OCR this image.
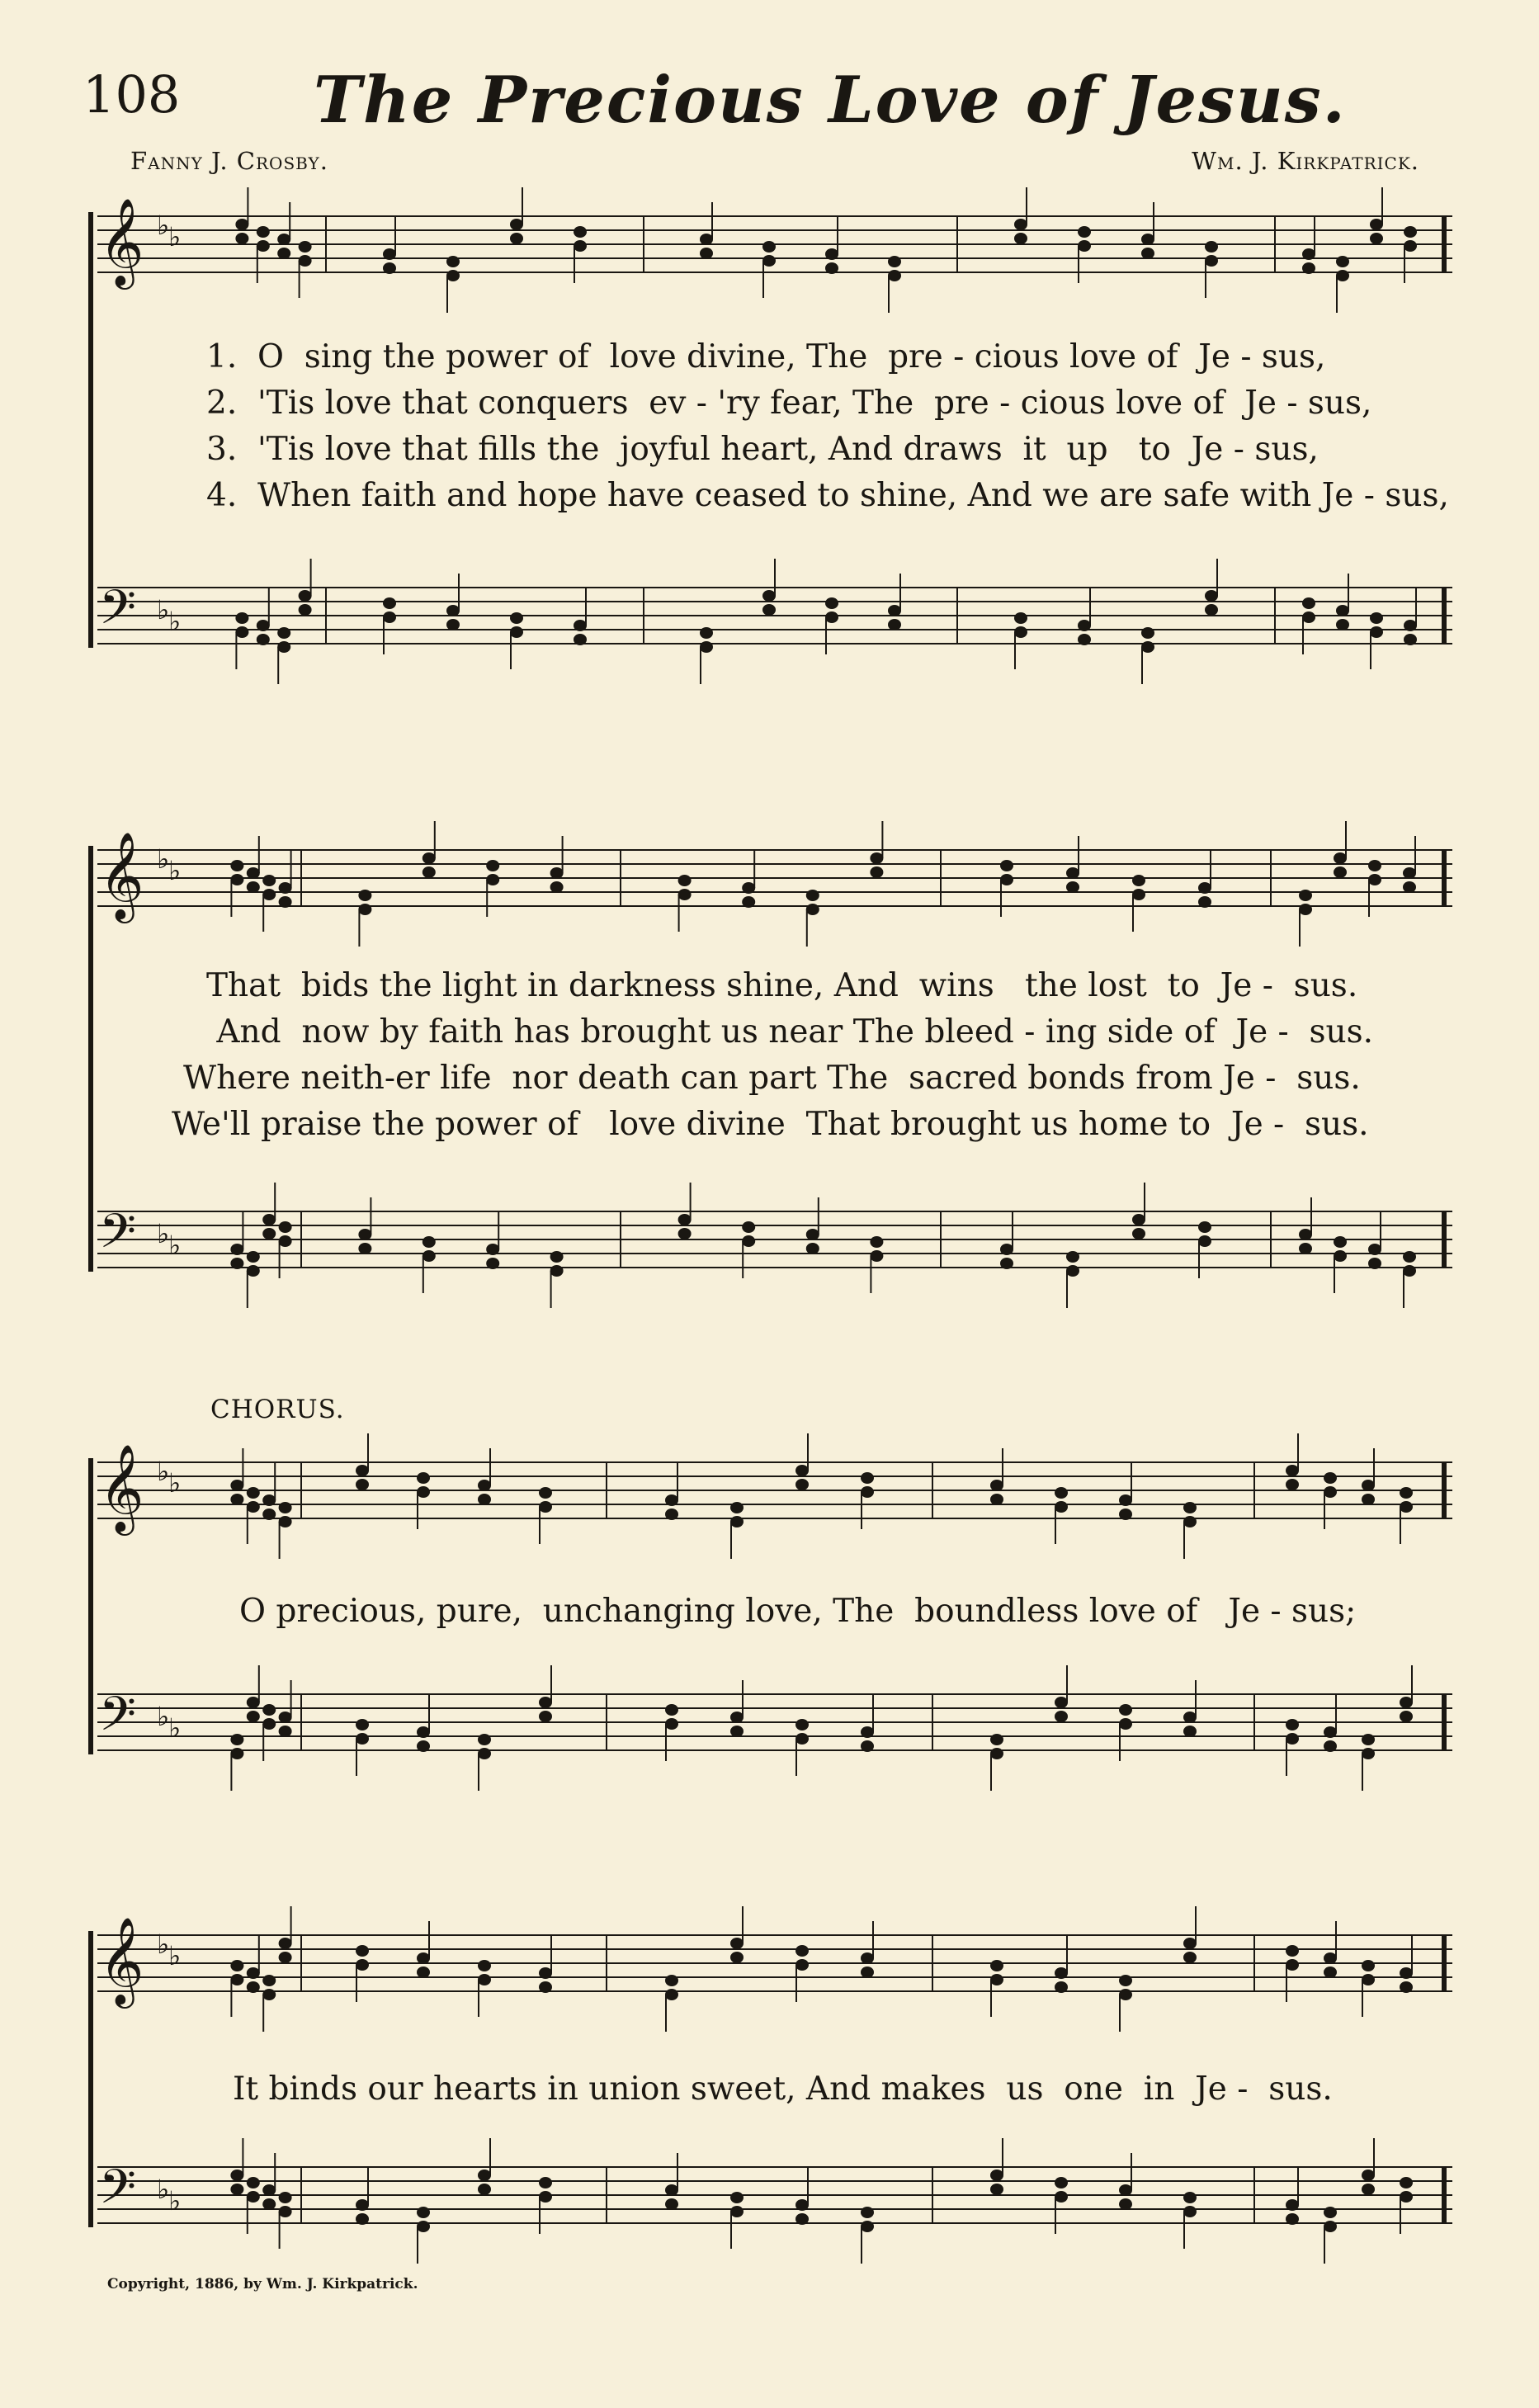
108 The Precious Love of Jesus.
Fanny J. Crosby.	Wm. J. Kirkpatrick.
𝄞
𝄢
♭
♭
♭
♭
𝄞
𝄢
♭
♭
♭
♭
𝄞
𝄢
♭
♭
♭
♭
𝄞
𝄢
♭
♭
♭
♭
1.  O  sing the power of  love divine, The  pre - cious love of  Je - sus,
2.  'Tis love that conquers  ev - 'ry fear, The  pre - cious love of  Je - sus,
3.  'Tis love that fills the  joyful heart, And draws  it  up   to  Je - sus,
4.  When faith and hope have ceased to shine, And we are safe with Je - sus,
That  bids the light in darkness shine, And  wins   the lost  to  Je -  sus.
And  now by faith has brought us near The bleed - ing side of  Je -  sus.
Where neith-er life  nor death can part The  sacred bonds from Je -  sus.
We'll praise the power of   love divine  That brought us home to  Je -  sus.
CHORUS.
O precious, pure,  unchanging love, The  boundless love of   Je - sus;
It binds our hearts in union sweet, And makes  us  one  in  Je -  sus.
Copyright, 1886, by Wm. J. Kirkpatrick.
